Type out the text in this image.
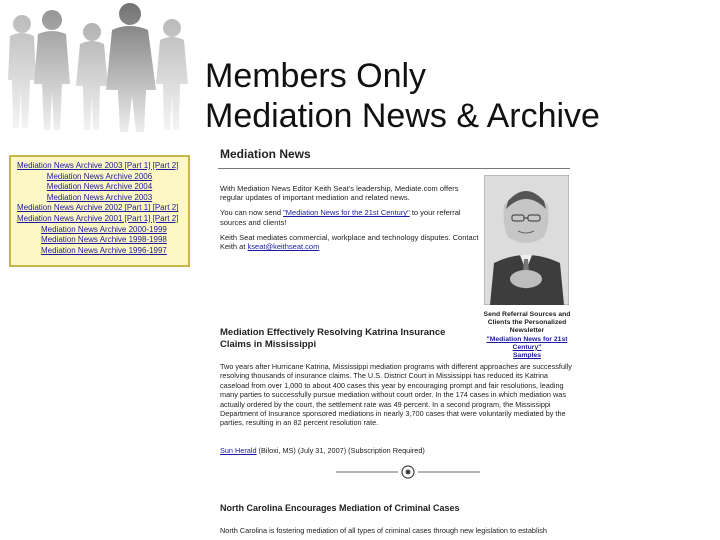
Members Only
Mediation News & Archive
Mediation News Archive 2003 [Part 1] [Part 2]
Mediation News Archive 2006
Mediation News Archive 2004
Mediation News Archive 2003
Mediation News Archive 2002 [Part 1] [Part 2]
Mediation News Archive 2001 [Part 1] [Part 2]
Mediation News Archive 2000-1999
Mediation News Archive 1998-1998
Mediation News Archive 1996-1997
Mediation News

With Mediation News Editor Keith Seat's leadership, Mediate.com offers regular updates of important mediation and related news.

You can now send "Mediation News for the 21st Century" to your referral sources and clients!

Keith Seat mediates commercial, workplace and technology disputes. Contact Keith at kseat@keithseat.com

Send Referral Sources and Clients the Personalized Newsletter
"Mediation News for 21st Century"
Samples
Mediation Effectively Resolving Katrina Insurance Claims in Mississippi
Two years after Hurricane Katrina, Mississippi mediation programs with different approaches are successfully resolving thousands of insurance claims. The U.S. District Court in Mississippi has reduced its Katrina caseload from over 1,000 to about 400 cases this year by encouraging prompt and fair resolutions, leading many parties to successfully pursue mediation without court order. In the 174 cases in which mediation was actually ordered by the court, the settlement rate was 49 percent. In a second program, the Mississippi Department of Insurance sponsored mediations in nearly 3,700 cases that were voluntarily mediated by the parties, resulting in an 82 percent resolution rate.
Sun Herald (Biloxi, MS) (July 31, 2007) (Subscription Required)
North Carolina Encourages Mediation of Criminal Cases
North Carolina is fostering mediation of all types of criminal cases through new legislation to establish
